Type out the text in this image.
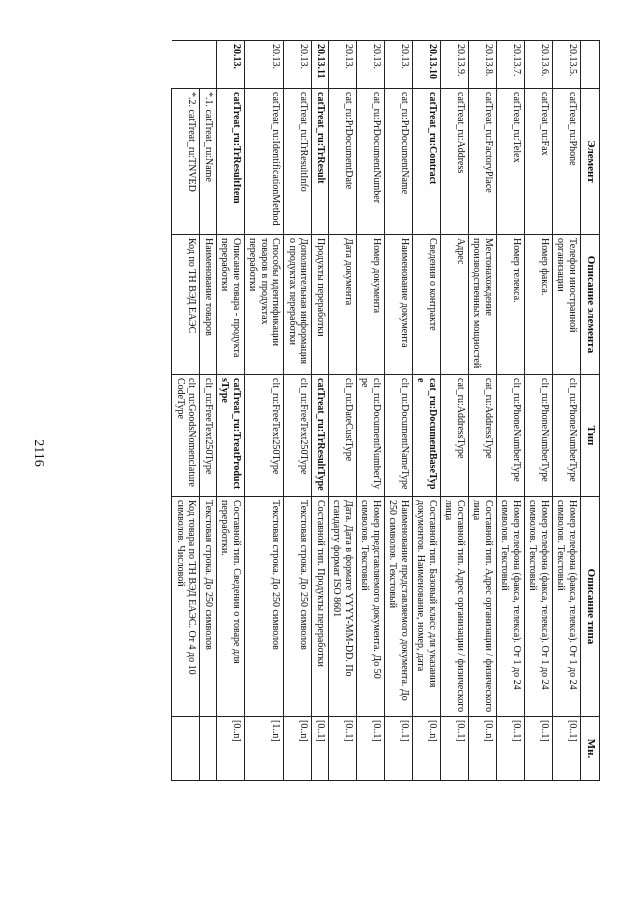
2116
	Элемент	Описание элемента	Тип	Описание типа	Мн.
20.13.5.	catTreat_ru:Phone	Телефон иностранной организации	clt_ru:PhoneNumberType	Номер телефона (факса, телекса). От 1 до 24 символов. Текстовый	[0..1]
20.13.6.	catTreat_ru:Fax	Номер факса.	clt_ru:PhoneNumberType	Номер телефона (факса, телекса). От 1 до 24 символов. Текстовый	[0..1]
20.13.7.	catTreat_ru:Telex	Номер телекса.	clt_ru:PhoneNumberType	Номер телефона (факса, телекса). От 1 до 24 символов. Текстовый	[0..1]
20.13.8.	catTreat_ru:FactoryPlace	Местонахождение производственных мощностей	cat_ru:AddressType	Составной тип. Адрес организации / физического лица	[0..n]
20.13.9.	catTreat_ru:Address	Адрес	cat_ru:AddressType	Составной тип. Адрес организации / физического лица	[0..1]
20.13.10	catTreat_ru:Contract	Сведения о контракте	cat_ru:DocumentBaseType	Составной тип. Базовый класс для указания документов. Наименование, номер, дата	[0..n]
20.13.	cat_ru:PrDocumentName	Наименование документа	clt_ru:DocumentNameType	Наименование представляемого документа. До 250 символов. Текстовый	[0..1]
20.13.	cat_ru:PrDocumentNumber	Номер документа	clt_ru:DocumentNumberType	Номер представляемого документа. До 50 символов. Текстовый	[0..1]
20.13.	cat_ru:PrDocumentDate	Дата документа	clt_ru:DateCustType	Дата. Дата в формате YYYY-MM-DD. По стандарту формат ISO 8601	[0..1]
20.13.11	catTreat_ru:TrResult	Продукты переработки	catTreat_ru:TrResultType	Составной тип. Продукты переработки	[0..1]
20.13.	catTreat_ru:TrResultInfo	Дополнительная информация о продуктах переработки	clt_ru:FreeText250Type	Текстовая строка. До 250 символов	[0..n]
20.13.	catTreat_ru:IdentificationMethod	Способы идентификации товаров в продуктах переработки	clt_ru:FreeText250Type	Текстовая строка. До 250 символов	[1..n]
20.13.	catTreat_ru:TrResultItem	Описание товара - продукта переработки	catTreat_ru:TreatProductsType	Составной тип. Сведения о товаре для переработки.	[0..n]
	*.1. catTreat_ru:Name	Наименование товаров	clt_ru:FreeText250Type	Текстовая строка. До 250 символов	
	*.2. catTreat_ru:TNVED	Код по ТН ВЭД ЕАЭС	clt_ru:GoodsNomenclatureCodeType	Код товара по ТН ВЭД ЕАЭС. От 4 до 10 символов. Числовой	
